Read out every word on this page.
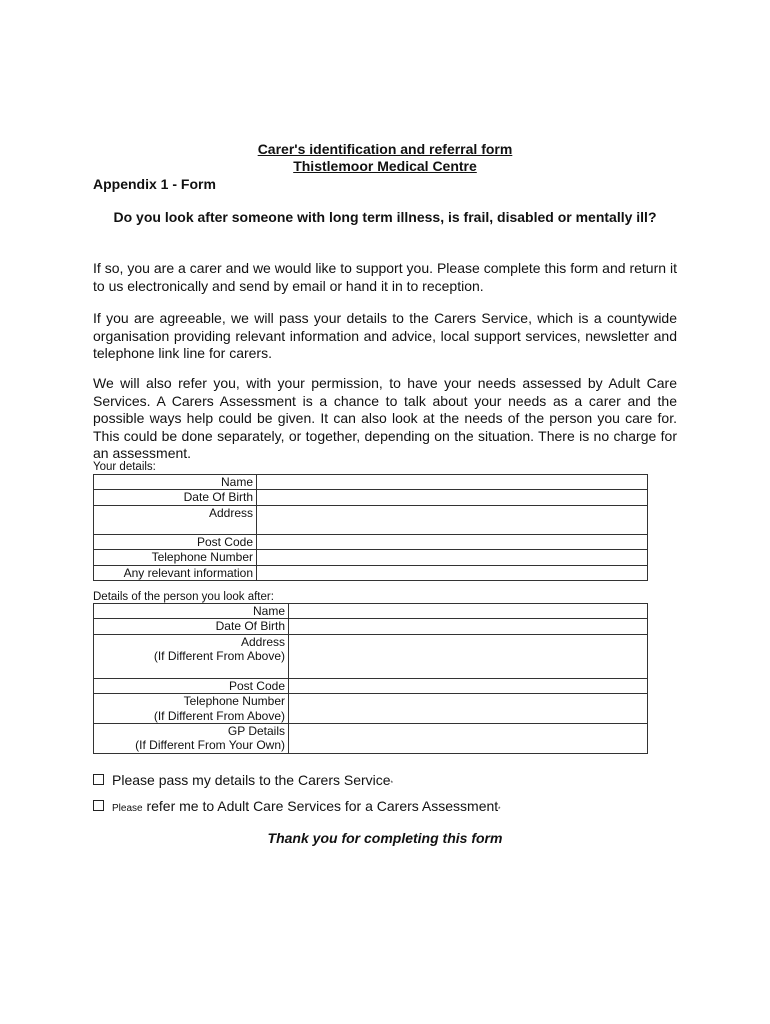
Carer's identification and referral form
Thistlemoor Medical Centre
Appendix 1 - Form
Do you look after someone with long term illness, is frail, disabled or mentally ill?
If so, you are a carer and we would like to support you. Please complete this form and return it to us electronically and send by email or hand it in to reception.
If you are agreeable, we will pass your details to the Carers Service, which is a countywide organisation providing relevant information and advice, local support services, newsletter and telephone link line for carers.
We will also refer you, with your permission, to have your needs assessed by Adult Care Services. A Carers Assessment is a chance to talk about your needs as a carer and the possible ways help could be given. It can also look at the needs of the person you care for. This could be done separately, or together, depending on the situation. There is no charge for an assessment.
Your details:
Name	
Date Of Birth	
Address	
Post Code	
Telephone Number	
Any relevant information	
Details of the person you look after:
Name	
Date Of Birth	

Address
(If Different From Above)	

Post Code	

Telephone Number
(If Different From Above)	

GP Details
(If Different From Your Own)	

Please pass my details to the Carers Service*
Please refer me to Adult Care Services for a Carers Assessment*
Thank you for completing this form
